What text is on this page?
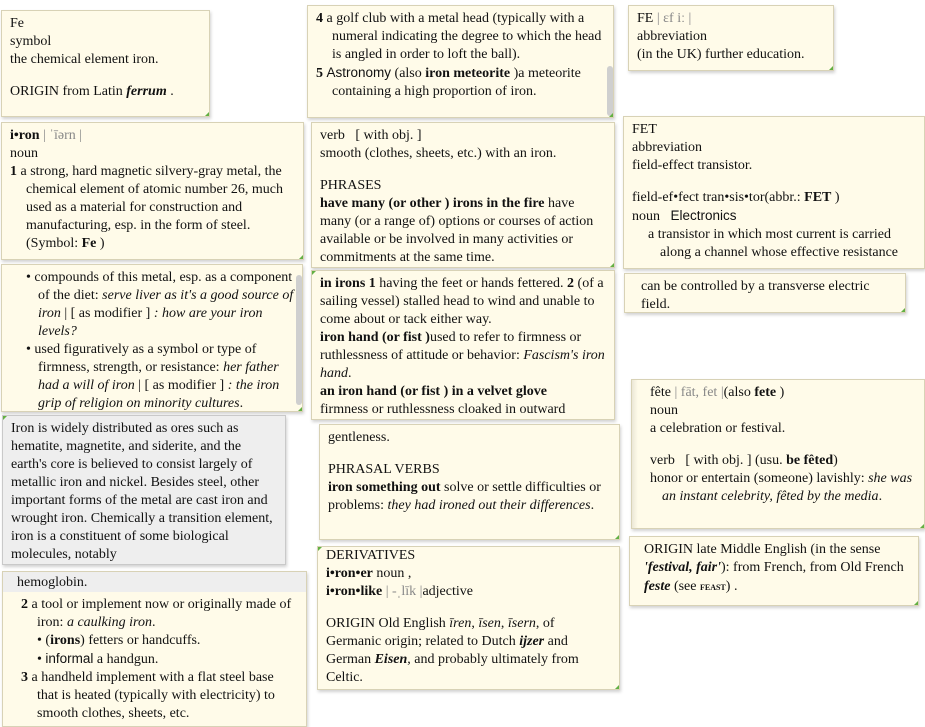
Fe

symbol

the chemical element iron.

ORIGIN from Latin ferrum .

4 a golf club with a metal head (typically with a numeral indicating the degree to which the head is angled in order to loft the ball).

5 Astronomy (also iron meteorite )a meteorite containing a high proportion of iron.

FE | ɛf iː |

abbreviation

(in the UK) further education.

i•ron | ˈīərn |

noun

1 a strong, hard magnetic silvery-gray metal, the chemical element of atomic number 26, much used as a material for construction and manufacturing, esp. in the form of steel.(Symbol: Fe )

verb [ with obj. ]

smooth (clothes, sheets, etc.) with an iron.

PHRASES

have many (or other ) irons in the fire have many (or a range of) options or courses of action available or be involved in many activities or commitments at the same time.

FET

abbreviation

field-effect transistor.

field-ef•fect tran•sis•tor(abbr.: FET )

noun Electronics

a transistor in which most current is carried along a channel whose effective resistance

• compounds of this metal, esp. as a component of the diet: serve liver as it's a good source of iron | [ as modifier ] : how are your iron levels?

• used figuratively as a symbol or type of firmness, strength, or resistance: her father had a will of iron | [ as modifier ] : the iron grip of religion on minority cultures.

in irons 1 having the feet or hands fettered. 2 (of a sailing vessel) stalled head to wind and unable to come about or tack either way.

iron hand (or fist )used to refer to firmness or ruthlessness of attitude or behavior: Fascism's iron hand.

an iron hand (or fist ) in a velvet glove

firmness or ruthlessness cloaked in outward

can be controlled by a transverse electric field.

fête | fāt, fet |(also fete )

noun

a celebration or festival.

verb [ with obj. ] (usu. be fêted)

honor or entertain (someone) lavishly: she was an instant celebrity, fêted by the media.

Iron is widely distributed as ores such as hematite, magnetite, and siderite, and the earth's core is believed to consist largely of metallic iron and nickel. Besides steel, other important forms of the metal are cast iron and wrought iron. Chemically a transition element, iron is a constituent of some biological molecules, notably

gentleness.

PHRASAL VERBS

iron something out solve or settle difficulties or problems: they had ironed out their differences.

hemoglobin.

2 a tool or implement now or originally made of iron: a caulking iron.

• (irons) fetters or handcuffs.

• informal a handgun.

3 a handheld implement with a flat steel base that is heated (typically with electricity) to smooth clothes, sheets, etc.

DERIVATIVES

i•ron•er noun ,

i•ron•like | -ˌlīk |adjective

ORIGIN Old English īren, īsen, īsern, of Germanic origin; related to Dutch ijzer and German Eisen, and probably ultimately from Celtic.

ORIGIN late Middle English (in the sense 'festival, fair'): from French, from Old French feste (see feast) .
